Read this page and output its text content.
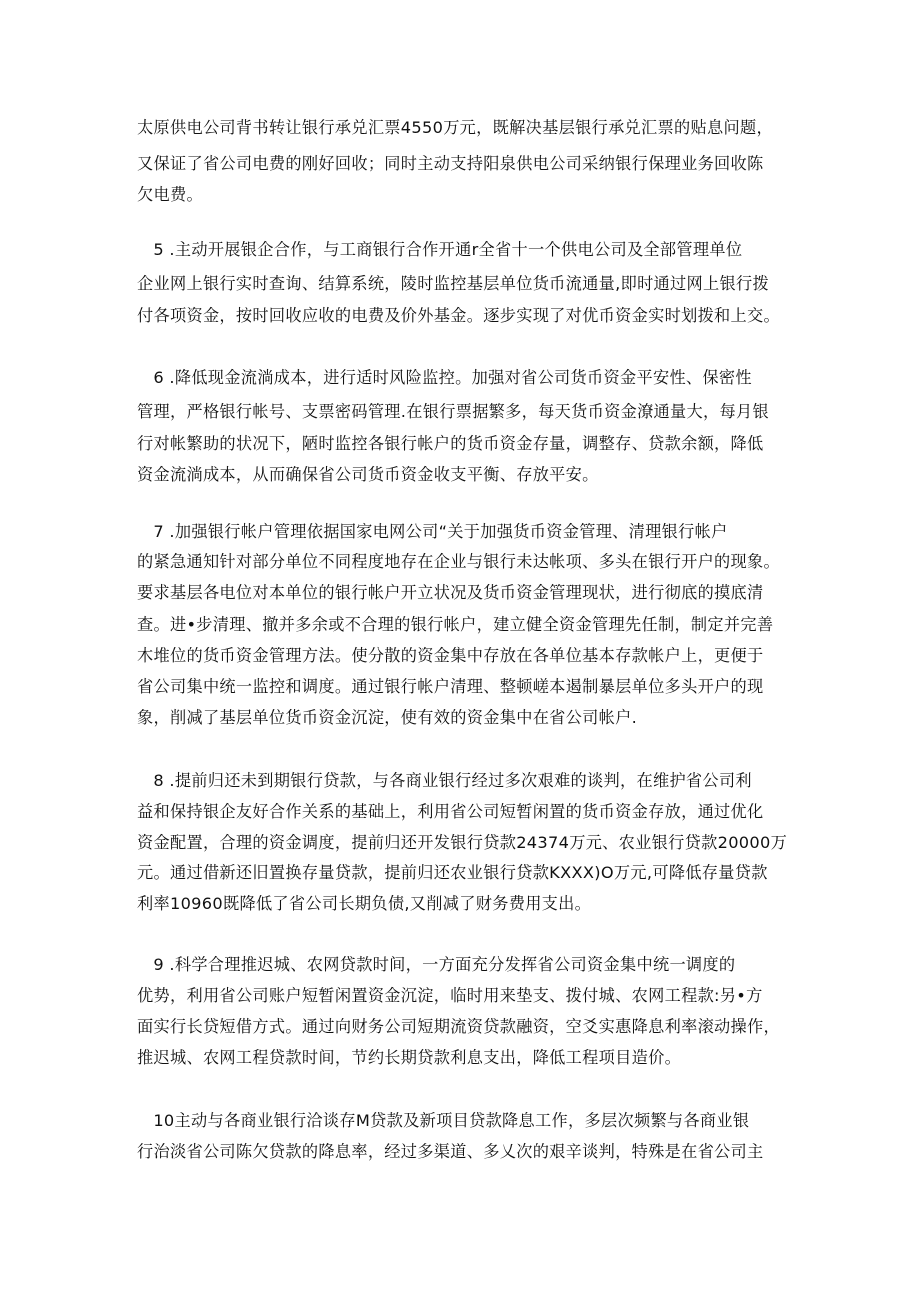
太原供电公司背书转让银行承兑汇票4550万元，既解决基层银行承兑汇票的贴息问题，
又保证了省公司电费的刚好回收；同时主动支持阳泉供电公司采纳银行保理业务回收陈
欠电费。
5 .主动开展银企合作，与工商银行合作开通r全省十一个供电公司及全部管理单位
企业网上银行实时查询、结算系统，陵时监控基层单位货币流通量,即时通过网上银行拨
付各项资金，按时回收应收的电费及价外基金。逐步实现了对优币资金实时划拨和上交。
6 .降低现金流淌成本，进行适时风险监控。加强对省公司货币资金平安性、保密性
管理，严格银行帐号、支票密码管理.在银行票据繁多，每天货币资金潦通量大，每月银
行对帐繁助的状况下，陋时监控各银行帐户的货币资金存量，调整存、贷款余额，降低
资金流淌成本，从而确保省公司货币资金收支平衡、存放平安。
7 .加强银行帐户管理依据国家电网公司“关于加强货币资金管理、清理银行帐户
的紧急通知针对部分单位不同程度地存在企业与银行未达帐项、多头在银行开户的现象。
要求基层各电位对本单位的银行帐户开立状况及货币资金管理现状，进行彻底的摸底清
查。进•步清理、撤并多余或不合理的银行帐户，建立健全资金管理先任制，制定并完善
木堆位的货币资金管理方法。使分散的资金集中存放在各单位基本存款帐户上，更便于
省公司集中统一监控和调度。通过银行帐户清理、整顿嵯本遏制暴层单位多头开户的现
象，削减了基层单位货币资金沉淀，使有效的资金集中在省公司帐户.
8 .提前归还未到期银行贷款，与各商业银行经过多次艰难的谈判，在维护省公司利
益和保持银企友好合作关系的基础上，利用省公司短暂闲置的货币资金存放，通过优化
资金配置，合理的资金调度，提前归还开发银行贷款24374万元、农业银行贷款20000万
元。通过借新还旧置换存量贷款，提前归还农业银行贷款KXXX)O万元,可降低存量贷款
利率10960既降低了省公司长期负债,又削减了财务费用支出。
9 .科学合理推迟城、农网贷款时间，一方面充分发挥省公司资金集中统一调度的
优势，利用省公司账户短暂闲置资金沉淀，临时用来垫支、拨付城、农网工程款:另•方
面实行长贷短借方式。通过向财务公司短期流资贷款融资，空爻实惠降息利率滚动操作，
推迟城、农网工程贷款时间，节约长期贷款利息支出，降低工程项目造价。
10主动与各商业银行洽谈存M贷款及新项目贷款降息工作，多层次频繁与各商业银
行治淡省公司陈欠贷款的降息率，经过多渠道、多乂次的艰辛谈判，特殊是在省公司主
